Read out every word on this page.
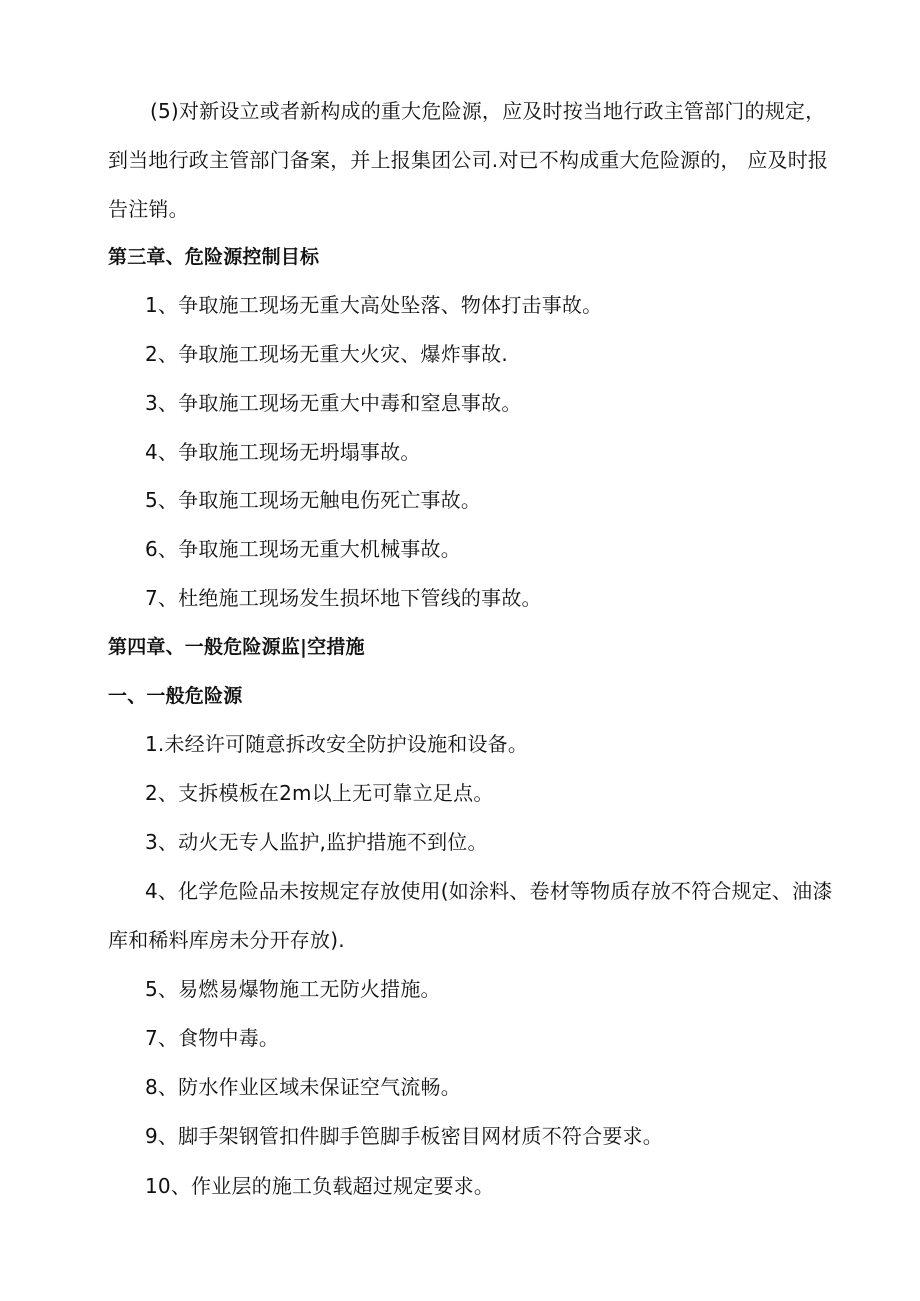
(5)对新设立或者新构成的重大危险源，应及时按当地行政主管部门的规定，
到当地行政主管部门备案，并上报集团公司.对已不构成重大危险源的， 应及时报
告注销。
第三章、危险源控制目标
1、争取施工现场无重大高处坠落、物体打击事故。
2、争取施工现场无重大火灾、爆炸事故.
3、争取施工现场无重大中毒和窒息事故。
4、争取施工现场无坍塌事故。
5、争取施工现场无触电伤死亡事故。
6、争取施工现场无重大机械事故。
7、杜绝施工现场发生损坏地下管线的事故。
第四章、一般危险源监|空措施
一、一般危险源
1.未经许可随意拆改安全防护设施和设备。
2、支拆模板在2m以上无可靠立足点。
3、动火无专人监护,监护措施不到位。
4、化学危险品未按规定存放使用(如涂料、卷材等物质存放不符合规定、油漆
库和稀料库房未分开存放).
5、易燃易爆物施工无防火措施。
7、食物中毒。
8、防水作业区域未保证空气流畅。
9、脚手架钢管扣件脚手笆脚手板密目网材质不符合要求。
10、作业层的施工负载超过规定要求。
